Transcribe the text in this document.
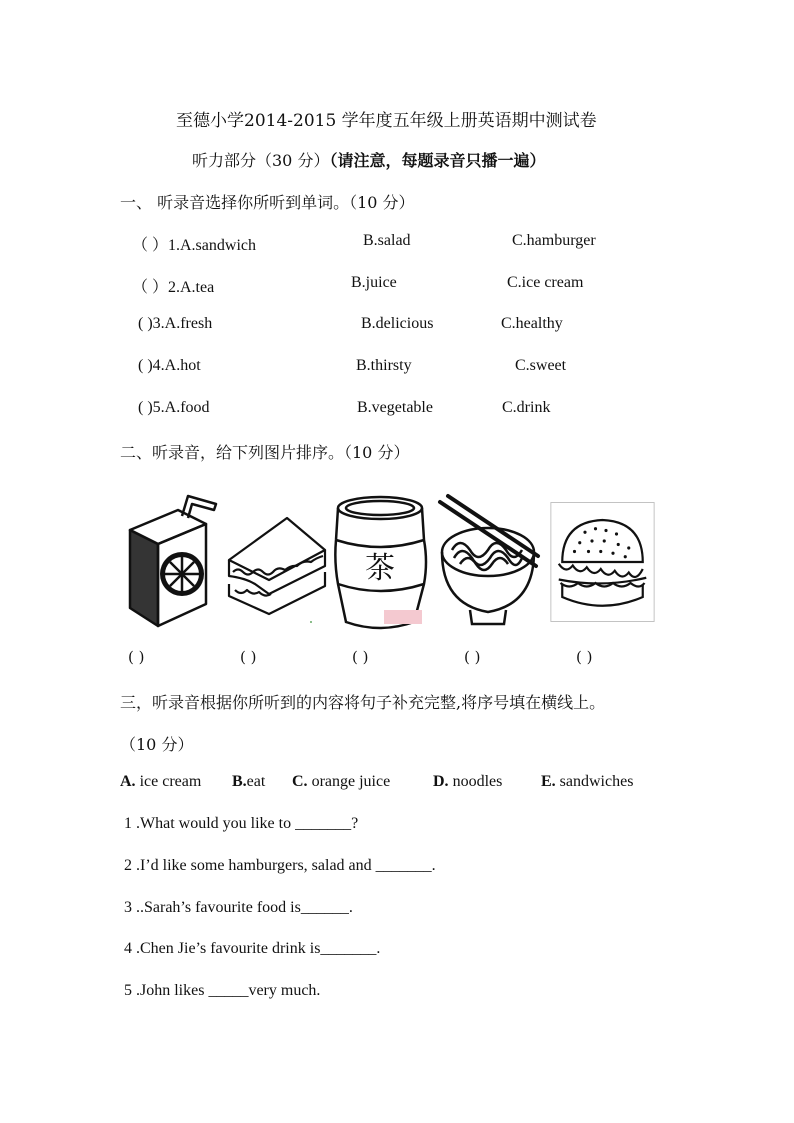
至德小学2014-2015 学年度五年级上册英语期中测试卷
听力部分（30 分）（请注意，每题录音只播一遍）
一、 听录音选择你所听到单词。（10 分）
（ ）1.A.sandwich	B.salad	C.hamburger
（ ）2.A.tea	B.juice	C.ice cream
( )3.A.fresh	B.delicious	C.healthy
( )4.A.hot	B.thirsty	C.sweet
( )5.A.food	B.vegetable	C.drink
二、听录音，给下列图片排序。（10 分）
茶
( )	( )	( )	( )	( )
三，听录音根据你所听到的内容将句子补充完整,将序号填在横线上。
（10 分）
A. ice cream B.eat C. orange juice	D. noodles E. sandwiches
1 .What would you like to _______?
2 .I’d like some hamburgers, salad and _______.
3 ..Sarah’s favourite food is______.
4 .Chen Jie’s favourite drink is_______.
5 .John likes _____very much.
